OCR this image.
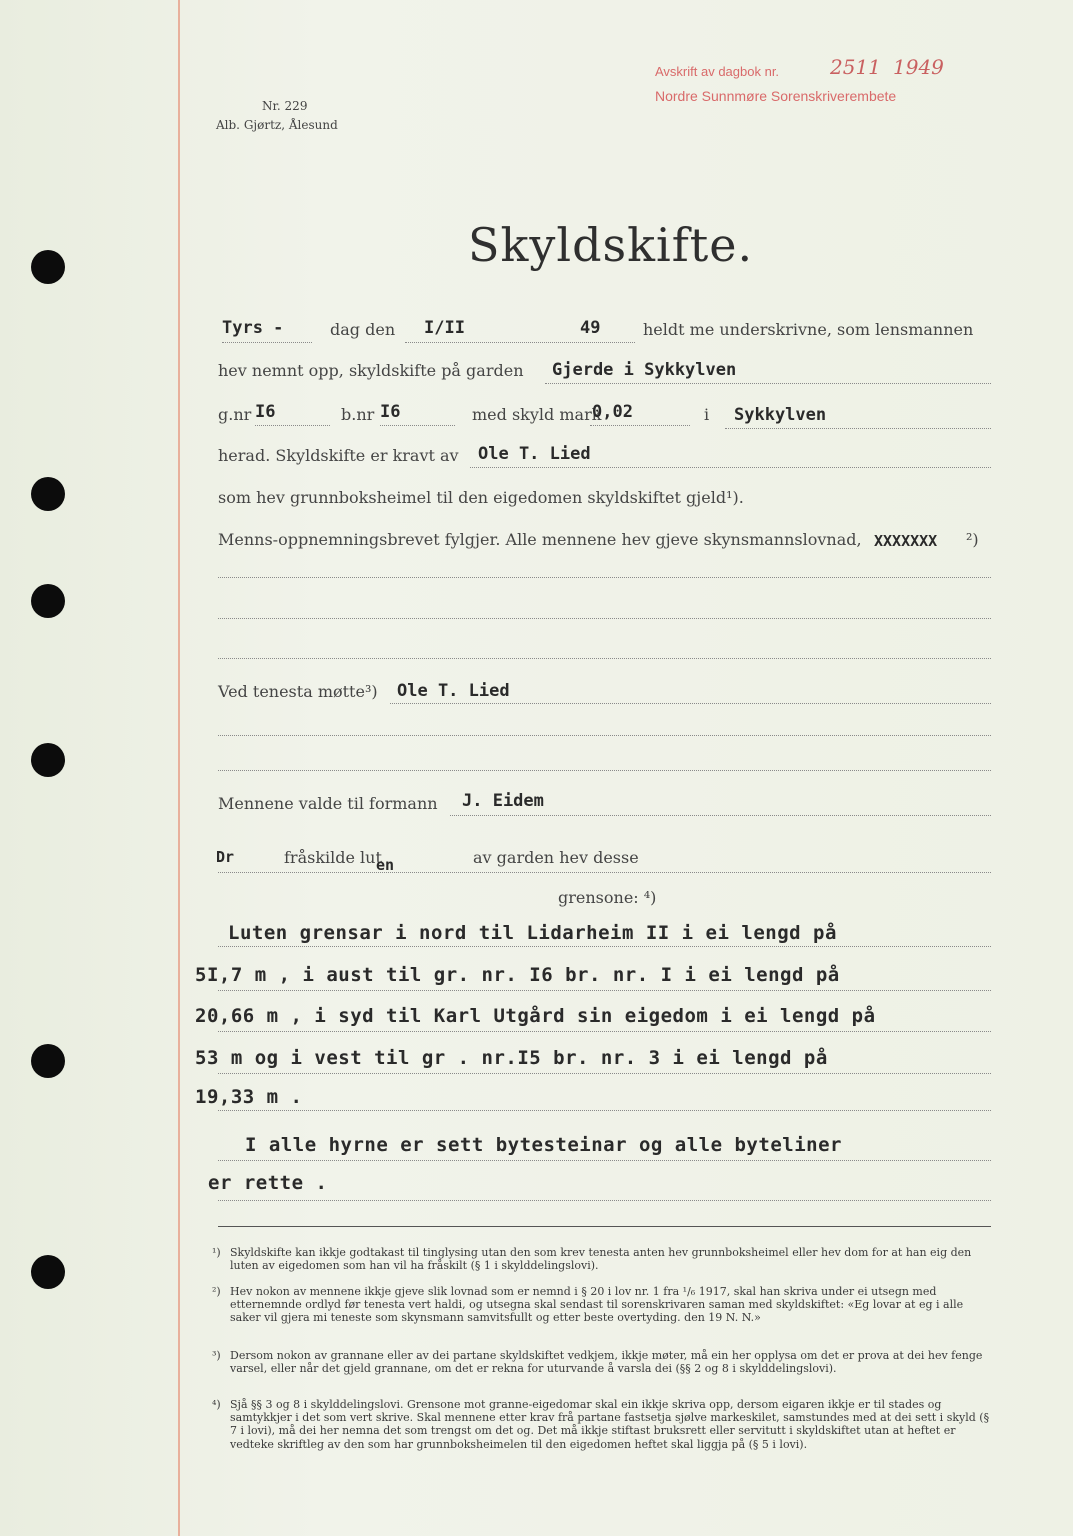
Nr. 229
Alb. Gjørtz, Ålesund
Avskrift av dagbok nr.	2511 1949
Nordre Sunnmøre Sorenskriverembete
Skyldskifte.
Tyrs -	dag den I/II	49	heldt me underskrivne, som lensmannen
hev nemnt opp, skyldskifte på garden Gjerde i Sykkylven
g.nr I6	b.nr I6	med skyld mark
0,02	i Sykkylven
herad. Skyldskifte er kravt av Ole T. Lied
som hev grunnboksheimel til den eigedomen skyldskiftet gjeld¹).
Menns-oppnemningsbrevet fylgjer. Alle mennene hev gjeve skynsmannslovnad, XXXXXXX ²)
Ved tenesta møtte³) Ole T. Lied
Mennene valde til formann J. Eidem
Dr	fråskilde lut
en	av garden hev desse
grensone: ⁴)
Luten grensar i nord til Lidarheim II i ei lengd på
5I,7 m , i aust til gr. nr. I6 br. nr. I i ei lengd på
20,66 m , i syd til Karl Utgård sin eigedom i ei lengd på
53 m og i vest til gr . nr.I5 br. nr. 3 i ei lengd på
19,33 m .
I alle hyrne er sett bytesteinar og alle byteliner
er rette .
¹) Skyldskifte kan ikkje godtakast til tinglysing utan den som krev tenesta anten hev grunnboksheimel eller hev dom for at han eig den luten av eigedomen som han vil ha fråskilt (§ 1 i skylddelingslovi).
²) Hev nokon av mennene ikkje gjeve slik lovnad som er nemnd i § 20 i lov nr. 1 fra ¹/₆ 1917, skal han skriva under ei utsegn med etternemnde ordlyd før tenesta vert haldi, og utsegna skal sendast til sorenskrivaren saman med skyldskiftet: «Eg lovar at eg i alle saker vil gjera mi teneste som skynsmann samvitsfullt og etter beste overtyding. den 19 N. N.»
³) Dersom nokon av grannane eller av dei partane skyldskiftet vedkjem, ikkje møter, må ein her opplysa om det er prova at dei hev fenge varsel, eller når det gjeld grannane, om det er rekna for uturvande å varsla dei (§§ 2 og 8 i skylddelingslovi).
⁴) Sjå §§ 3 og 8 i skylddelingslovi. Grensone mot granne-eigedomar skal ein ikkje skriva opp, dersom eigaren ikkje er til stades og samtykkjer i det som vert skrive. Skal mennene etter krav frå partane fastsetja sjølve markeskilet, samstundes med at dei sett i skyld (§ 7 i lovi), må dei her nemna det som trengst om det og. Det må ikkje stiftast bruksrett eller servitutt i skyldskiftet utan at heftet er vedteke skriftleg av den som har grunnboksheimelen til den eigedomen heftet skal liggja på (§ 5 i lovi).
